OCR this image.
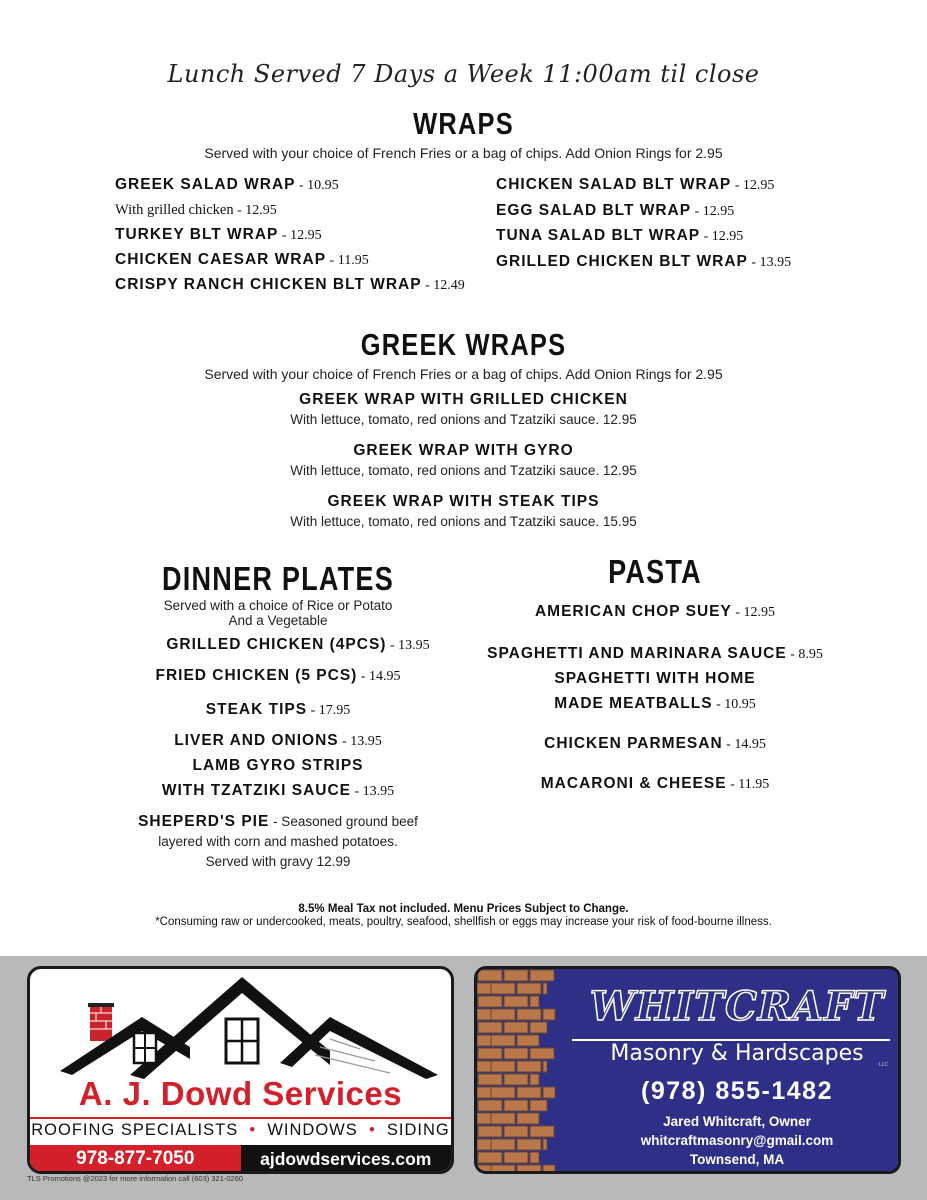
Lunch Served 7 Days a Week 11:00am til close
WRAPS
Served with your choice of French Fries or a bag of chips. Add Onion Rings for 2.95
GREEK SALAD WRAP - 10.95
With grilled chicken - 12.95
TURKEY BLT WRAP - 12.95
CHICKEN CAESAR WRAP - 11.95
CRISPY RANCH CHICKEN BLT WRAP - 12.49
CHICKEN SALAD BLT WRAP - 12.95
EGG SALAD BLT WRAP - 12.95
TUNA SALAD BLT WRAP - 12.95
GRILLED CHICKEN BLT WRAP - 13.95
GREEK WRAPS
Served with your choice of French Fries or a bag of chips. Add Onion Rings for 2.95
GREEK WRAP WITH GRILLED CHICKEN
With lettuce, tomato, red onions and Tzatziki sauce. 12.95
GREEK WRAP WITH GYRO
With lettuce, tomato, red onions and Tzatziki sauce. 12.95
GREEK WRAP WITH STEAK TIPS
With lettuce, tomato, red onions and Tzatziki sauce. 15.95
DINNER PLATES
Served with a choice of Rice or Potato
And a Vegetable
GRILLED CHICKEN (4PCS) - 13.95
FRIED CHICKEN (5 PCS) - 14.95
STEAK TIPS - 17.95
LIVER AND ONIONS - 13.95
LAMB GYRO STRIPS
WITH TZATZIKI SAUCE - 13.95
SHEPERD'S PIE - Seasoned ground beef
layered with corn and mashed potatoes.
Served with gravy 12.99
PASTA
AMERICAN CHOP SUEY - 12.95
SPAGHETTI AND MARINARA SAUCE - 8.95
SPAGHETTI WITH HOME
MADE MEATBALLS - 10.95
CHICKEN PARMESAN - 14.95
MACARONI & CHEESE - 11.95
8.5% Meal Tax not included. Menu Prices Subject to Change.
*Consuming raw or undercooked, meats, poultry, seafood, shellfish or eggs may increase your risk of food-bourne illness.
A. J. Dowd Services
ROOFING SPECIALISTS  •  WINDOWS  •  SIDING
978-877-7050	ajdowdservices.com
WHITCRAFT
Masonry & Hardscapes	LLC
(978) 855-1482
Jared Whitcraft, Owner
whitcraftmasonry@gmail.com
Townsend, MA
TLS Promotions @2023 for more information call (603) 321-0260
